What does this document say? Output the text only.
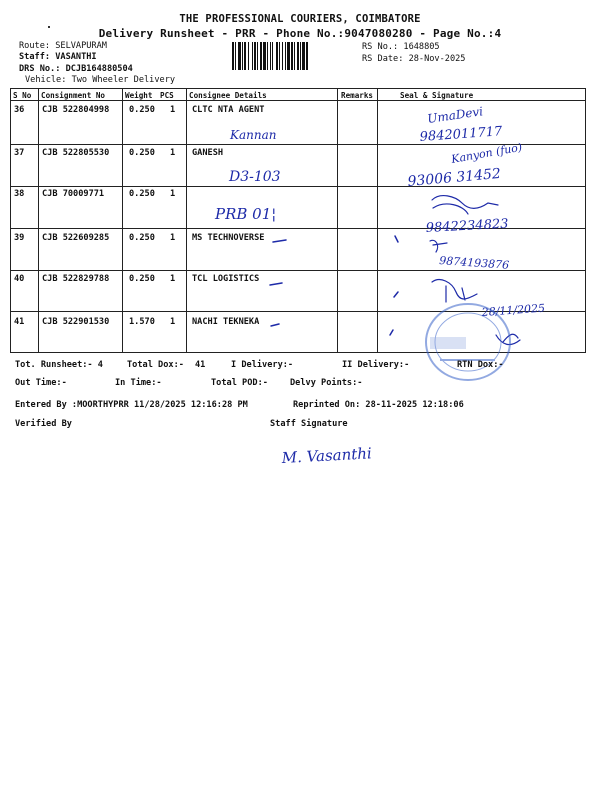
THE PROFESSIONAL COURIERS, COIMBATORE
Delivery Runsheet - PRR - Phone No.:9047080280 - Page No.:4
Route: SELVAPURAM
Staff: VASANTHI
DRS No.: DCJB164880504
Vehicle: Two Wheeler Delivery
RS No.: 1648805
RS Date: 28-Nov-2025
S No Consignment No	Weight PCS Consignee Details	Remarks	Seal & Signature
36 CJB 522804998 0.250 1 CLTC NTA AGENT
37 CJB 522805530 0.250 1 GANESH
38 CJB 70009771	0.250 1
39 CJB 522609285 0.250 1 MS TECHNOVERSE
40 CJB 522829788 0.250 1 TCL LOGISTICS
41 CJB 522901530 1.570 1 NACHI TEKNEKA
Kannan
UmaDevi
9842011717
D3-103
Kanyon (fuo)
93006 31452
PRB 01¦
9842234823
9874193876
28/11/2025
M. Vasanthi
Tot. Runsheet:- 4	Total Dox:- 41	I Delivery:-	II Delivery:-	RTN Dox:-
Out Time:-	In Time:-	Total POD:-	Delvy Points:-
Entered By :MOORTHYPRR 11/28/2025 12:16:28 PM	Reprinted On: 28-11-2025 12:18:06
Verified By	Staff Signature
